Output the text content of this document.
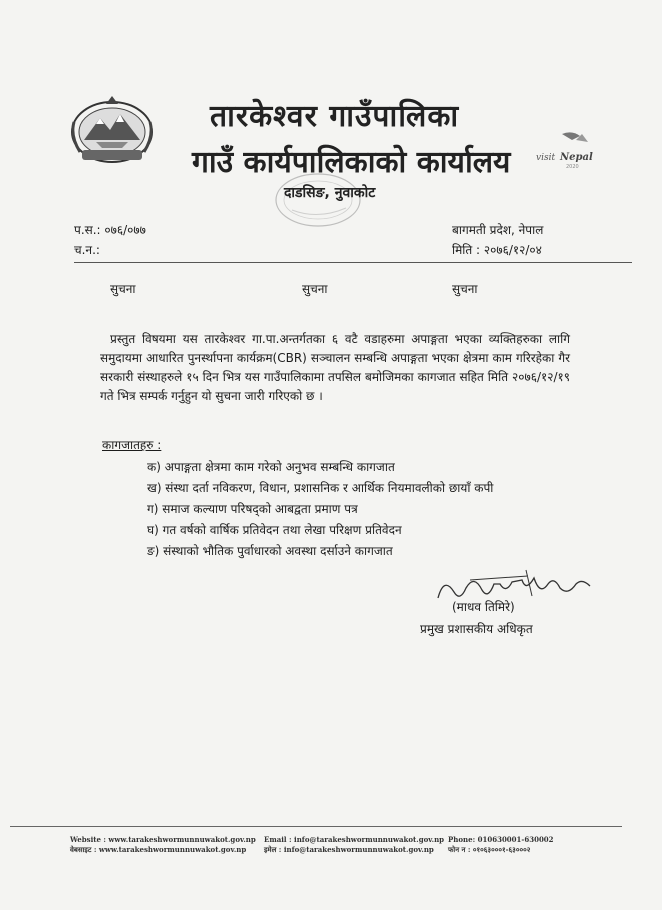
visit Nepal
2020
तारकेश्वर गाउँपालिका
गाउँ कार्यपालिकाको कार्यालय
दाडसिङ, नुवाकोट
प.स.: ०७६/०७७
च.न.:
बागमती प्रदेश, नेपाल
मिति : २०७६/१२/०४
सुचना	सुचना	सुचना

प्रस्तुत विषयमा यस तारकेश्वर गा.पा.अन्तर्गतका ६ वटै वडाहरुमा अपाङ्गता भएका व्यक्तिहरुका लागि समुदायमा आधारित पुनर्स्थापना कार्यक्रम(CBR) सञ्चालन सम्बन्धि अपाङ्गता भएका क्षेत्रमा काम गरिरहेका गैर सरकारी संस्थाहरुले १५ दिन भित्र यस गाउँपालिकामा तपसिल बमोजिमका कागजात सहित मिति २०७६/१२/१९ गते भित्र सम्पर्क गर्नुहुन यो सुचना जारी गरिएको छ ।

कागजातहरु :
क) अपाङ्गता क्षेत्रमा काम गरेको अनुभव सम्बन्धि कागजात
ख) संस्था दर्ता नविकरण, विधान, प्रशासनिक र आर्थिक नियमावलीको छायाँ कपी
ग) समाज कल्याण परिषद्को आबद्वता प्रमाण पत्र
घ) गत वर्षको वार्षिक प्रतिवेदन तथा लेखा परिक्षण प्रतिवेदन
ङ) संस्थाको भौतिक पुर्वाधारको अवस्था दर्साउने कागजात
(माधव तिमिरे)
प्रमुख प्रशासकीय अधिकृत
Website : www.tarakeshwormunnuwakot.gov.np
वेबसाइट : www.tarakeshwormunnuwakot.gov.np
Email : info@tarakeshwormunnuwakot.gov.np
इमेल : info@tarakeshwormunnuwakot.gov.np
Phone: 010630001-630002
फोन न : ०१०६३०००१-६३०००२
